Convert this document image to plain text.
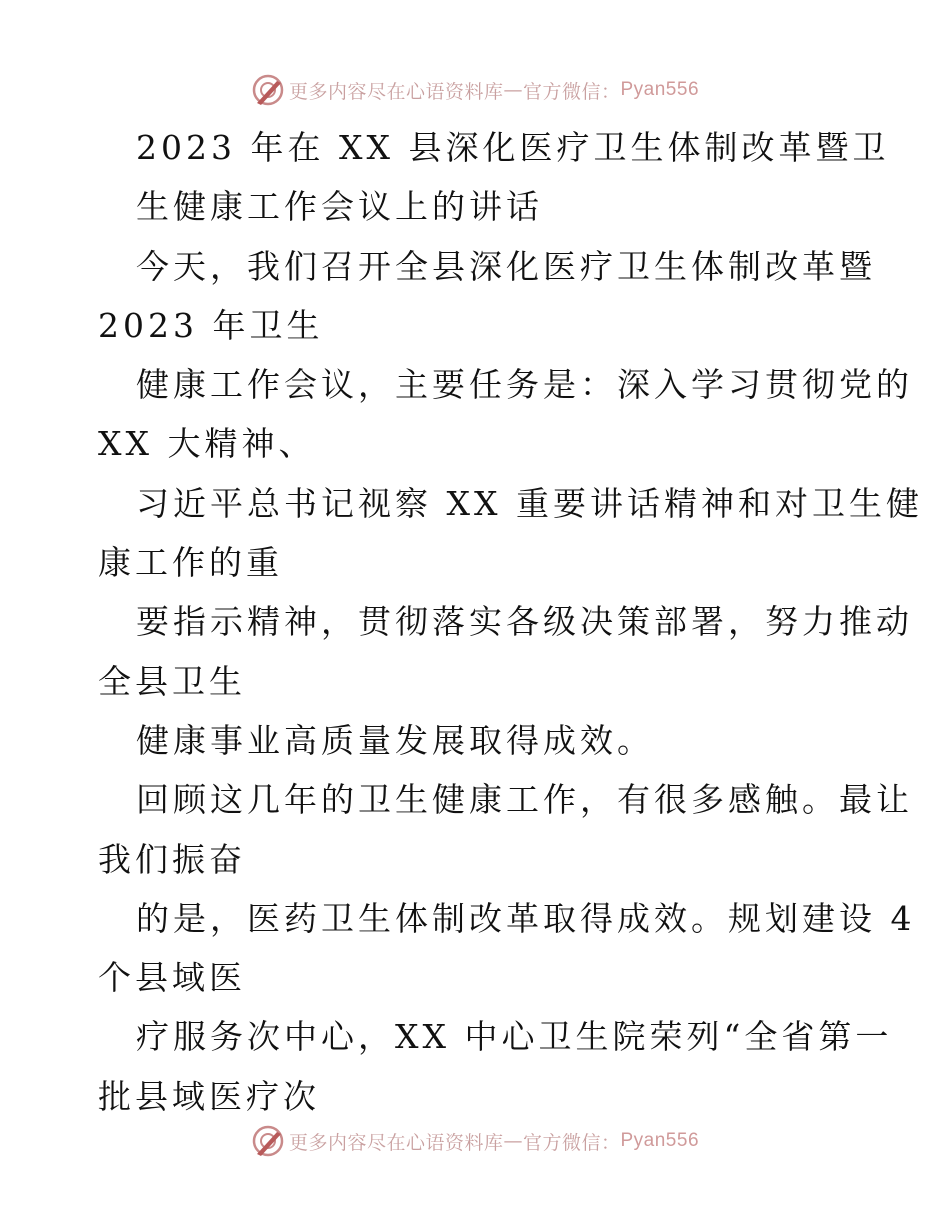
更多内容尽在心语资料库 — 官方微信： Pyan556
2023 年在 XX 县深化医疗卫生体制改革暨卫
生健康工作会议上的讲话
今天，我们召开全县深化医疗卫生体制改革暨
2023 年卫生
健康工作会议，主要任务是：深入学习贯彻党的
XX 大精神、
习近平总书记视察 XX 重要讲话精神和对卫生健
康工作的重
要指示精神，贯彻落实各级决策部署，努力推动
全县卫生
健康事业高质量发展取得成效。
回顾这几年的卫生健康工作，有很多感触。最让
我们振奋
的是，医药卫生体制改革取得成效。规划建设 4
个县域医
疗服务次中心，XX 中心卫生院荣列“全省第一
批县域医疗次
更多内容尽在心语资料库 — 官方微信： Pyan556
